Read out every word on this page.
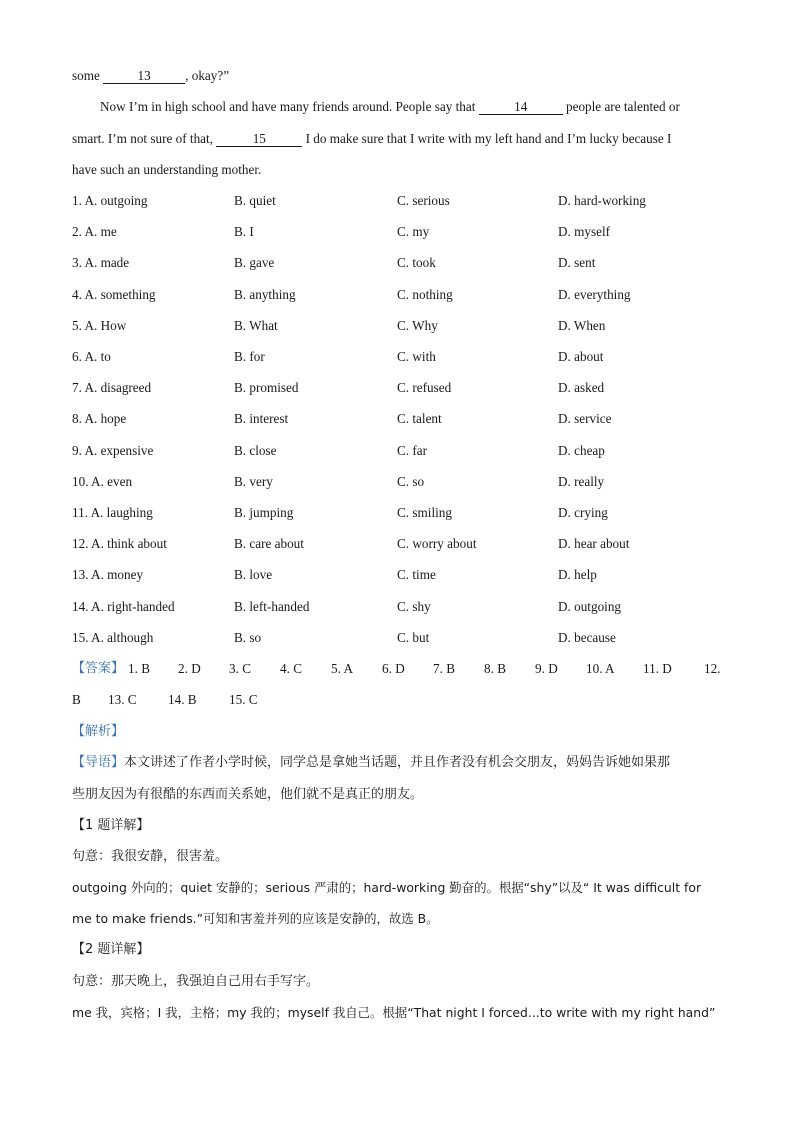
some	13	, okay?”
Now I’m in high school and have many friends around. People say that	14	people are talented or
smart. I’m not sure of that,	15	I do make sure that I write with my left hand and I’m lucky because I
have such an understanding mother.
1. A. outgoing	B. quiet	C. serious	D. hard-working
2. A. me	B. I	C. my	D. myself
3. A. made	B. gave	C. took	D. sent
4. A. something	B. anything	C. nothing	D. everything
5. A. How	B. What	C. Why	D. When
6. A. to	B. for	C. with	D. about
7. A. disagreed	B. promised	C. refused	D. asked
8. A. hope	B. interest	C. talent	D. service
9. A. expensive	B. close	C. far	D. cheap
10. A. even	B. very	C. so	D. really
11. A. laughing	B. jumping	C. smiling	D. crying
12. A. think about	B. care about	C. worry about	D. hear about
13. A. money	B. love	C. time	D. help
14. A. right-handed	B. left-handed	C. shy	D. outgoing
15. A. although	B. so	C. but	D. because
【答案】 1. B 2. D 3. C 4. C 5. A 6. D 7. B 8. B 9. D 10. A 11. D 12.
B 13. C 14. B 15. C
【解析】
【导语】本文讲述了作者小学时候，同学总是拿她当话题，并且作者没有机会交朋友，妈妈告诉她如果那
些朋友因为有很酷的东西而关系她，他们就不是真正的朋友。
【1 题详解】
句意：我很安静，很害羞。
outgoing 外向的；quiet 安静的；serious 严肃的；hard-working 勤奋的。根据“shy”以及“ It was difficult for
me to make friends.”可知和害羞并列的应该是安静的，故选 B。
【2 题详解】
句意：那天晚上，我强迫自己用右手写字。
me 我，宾格；I 我，主格；my 我的；myself 我自己。根据“That night I forced...to write with my right hand”
